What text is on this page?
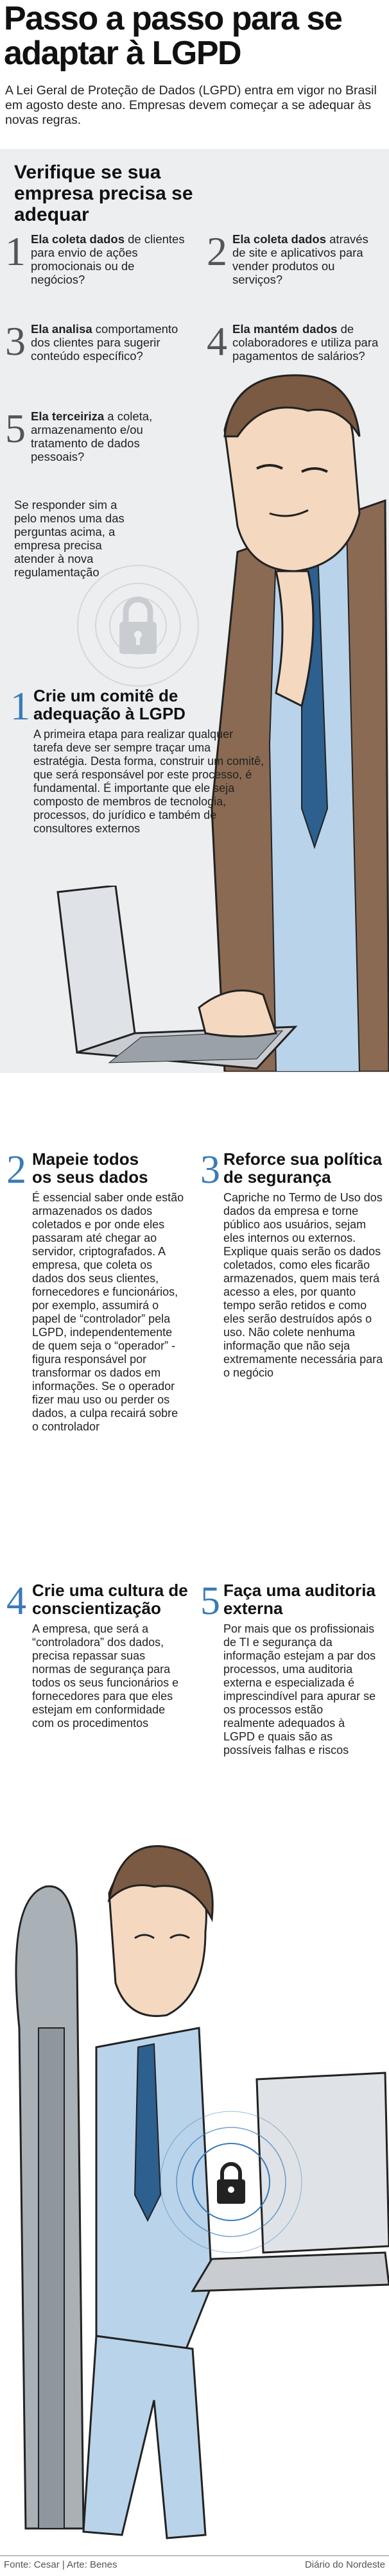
Passo a passo para se adaptar à LGPD

A Lei Geral de Proteção de Dados (LGPD) entra em vigor no Brasil em agosto deste ano. Empresas devem começar a se adequar às novas regras.

Verifique se sua empresa precisa se adequar
1 Ela coleta dados de clientes para envio de ações promocionais ou de negócios?

2 Ela coleta dados através de site e aplicativos para vender produtos ou serviços?

3 Ela analisa comportamento dos clientes para sugerir conteúdo específico?	4 Ela mantém dados de colaboradores e utiliza para pagamentos de salários?

5 Ela terceiriza a coleta, armazenamento e/ou tratamento de dados pessoais?

Se responder sim a pelo menos uma das perguntas acima, a empresa precisa atender à nova regulamentação

1 Crie um comitê de adequação à LGPD

A primeira etapa para realizar qualquer tarefa deve ser sempre traçar uma estratégia. Desta forma, construir um comitê, que será responsável por este processo, é fundamental. É importante que ele seja composto de membros de tecnologia, processos, do jurídico e também de consultores externos

2 Mapeie todos os seus dados

É essencial saber onde estão armazenados os dados coletados e por onde eles passaram até chegar ao servidor, criptografados. A empresa, que coleta os dados dos seus clientes, fornecedores e funcionários, por exemplo, assumirá o papel de “controlador” pela LGPD, independentemente de quem seja o “operador” - figura responsável por transformar os dados em informações. Se o operador fizer mau uso ou perder os dados, a culpa recairá sobre o controlador

3 Reforce sua política de segurança

Capriche no Termo de Uso dos dados da empresa e torne público aos usuários, sejam eles internos ou externos. Explique quais serão os dados coletados, como eles ficarão armazenados, quem mais terá acesso a eles, por quanto tempo serão retidos e como eles serão destruídos após o uso. Não colete nenhuma informação que não seja extremamente necessária para o negócio

4 Crie uma cultura de conscientização

A empresa, que será a “controladora” dos dados, precisa repassar suas normas de segurança para todos os seus funcionários e fornecedores para que eles estejam em conformidade com os procedimentos

5 Faça uma auditoria externa

Por mais que os profissionais de TI e segurança da informação estejam a par dos processos, uma auditoria externa e especializada é imprescindível para apurar se os processos estão realmente adequados à LGPD e quais são as possíveis falhas e riscos

Fonte: Cesar | Arte: Benes	Diário do Nordeste
